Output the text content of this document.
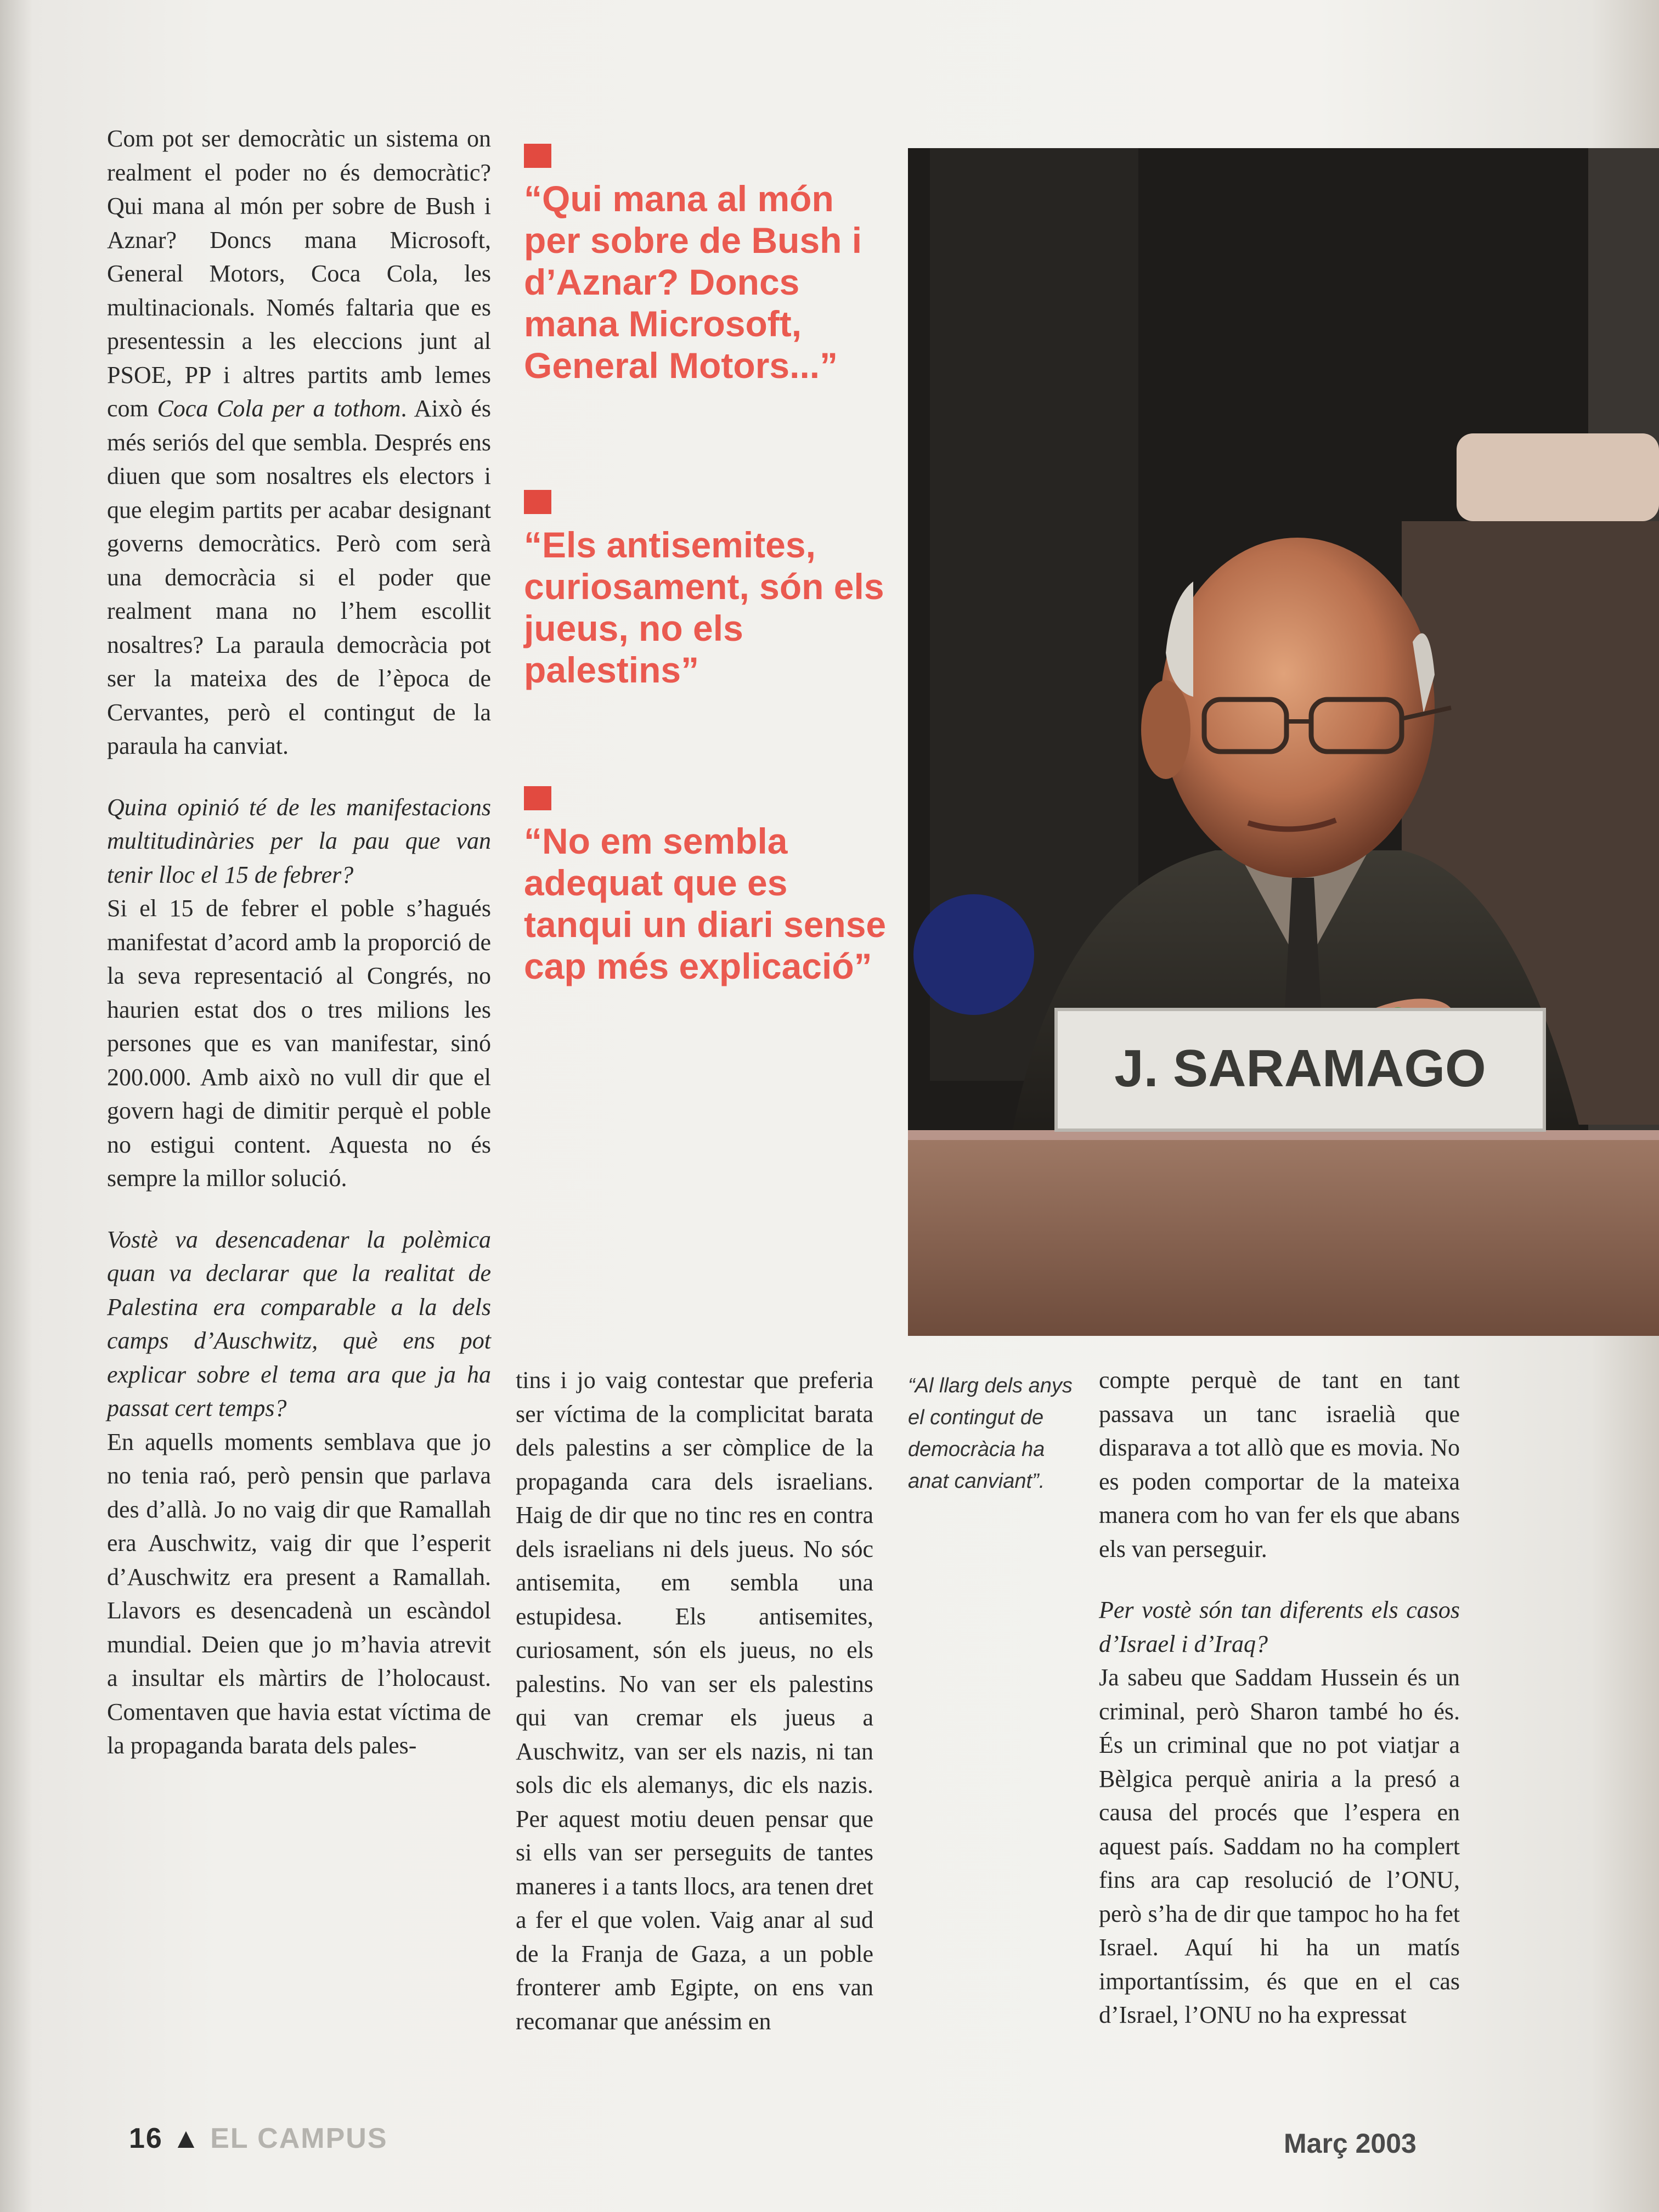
Com pot ser democràtic un sistema on realment el poder no és democràtic? Qui mana al món per sobre de Bush i Aznar? Doncs mana Microsoft, General Motors, Coca Cola, les multinacionals. Només faltaria que es presentessin a les eleccions junt al PSOE, PP i altres partits amb lemes com Coca Cola per a tothom. Això és més seriós del que sembla. Després ens diuen que som nosaltres els electors i que elegim partits per acabar designant governs democràtics. Però com serà una democràcia si el poder que realment mana no l’hem escollit nosaltres? La paraula democràcia pot ser la mateixa des de l’època de Cervantes, però el contingut de la paraula ha canviat.

Quina opinió té de les manifestacions multitudinàries per la pau que van tenir lloc el 15 de febrer?
Si el 15 de febrer el poble s’hagués manifestat d’acord amb la proporció de la seva representació al Congrés, no haurien estat dos o tres milions les persones que es van manifestar, sinó 200.000. Amb això no vull dir que el govern hagi de dimitir perquè el poble no estigui content. Aquesta no és sempre la millor solució.

Vostè va desencadenar la polèmica quan va declarar que la realitat de Palestina era comparable a la dels camps d’Auschwitz, què ens pot explicar sobre el tema ara que ja ha passat cert temps?
En aquells moments semblava que jo no tenia raó, però pensin que parlava des d’allà. Jo no vaig dir que Ramallah era Auschwitz, vaig dir que l’esperit d’Auschwitz era present a Ramallah. Llavors es desencadenà un escàndol mundial. Deien que jo m’havia atrevit a insultar els màrtirs de l’holocaust. Comentaven que havia estat víctima de la propaganda barata dels pales-

“Qui mana al món per sobre de Bush i d’Aznar? Doncs mana Microsoft, General Motors...”
“Els antisemites, curiosament, són els jueus, no els palestins”
“No em sembla adequat que es tanqui un diari sense cap més explicació”
J. SARAMAGO
“Al llarg dels anys el contingut de democràcia ha anat canviant”.

tins i jo vaig contestar que preferia ser víctima de la complicitat barata dels palestins a ser còmplice de la propaganda cara dels israelians. Haig de dir que no tinc res en contra dels israelians ni dels jueus. No sóc antisemita, em sembla una estupidesa. Els antisemites, curiosament, són els jueus, no els palestins. No van ser els palestins qui van cremar els jueus a Auschwitz, van ser els nazis, ni tan sols dic els alemanys, dic els nazis. Per aquest motiu deuen pensar que si ells van ser perseguits de tantes maneres i a tants llocs, ara tenen dret a fer el que volen. Vaig anar al sud de la Franja de Gaza, a un poble fronterer amb Egipte, on ens van recomanar que anéssim en

compte perquè de tant en tant passava un tanc israelià que disparava a tot allò que es movia. No es poden comportar de la mateixa manera com ho van fer els que abans els van perseguir.

Per vostè són tan diferents els casos d’Israel i d’Iraq?
Ja sabeu que Saddam Hussein és un criminal, però Sharon també ho és. És un criminal que no pot viatjar a Bèlgica perquè aniria a la presó a causa del procés que l’espera en aquest país. Saddam no ha complert fins ara cap resolució de l’ONU, però s’ha de dir que tampoc ho ha fet Israel. Aquí hi ha un matís importantíssim, és que en el cas d’Israel, l’ONU no ha expressat

16 ▲ EL CAMPUS	Març 2003
